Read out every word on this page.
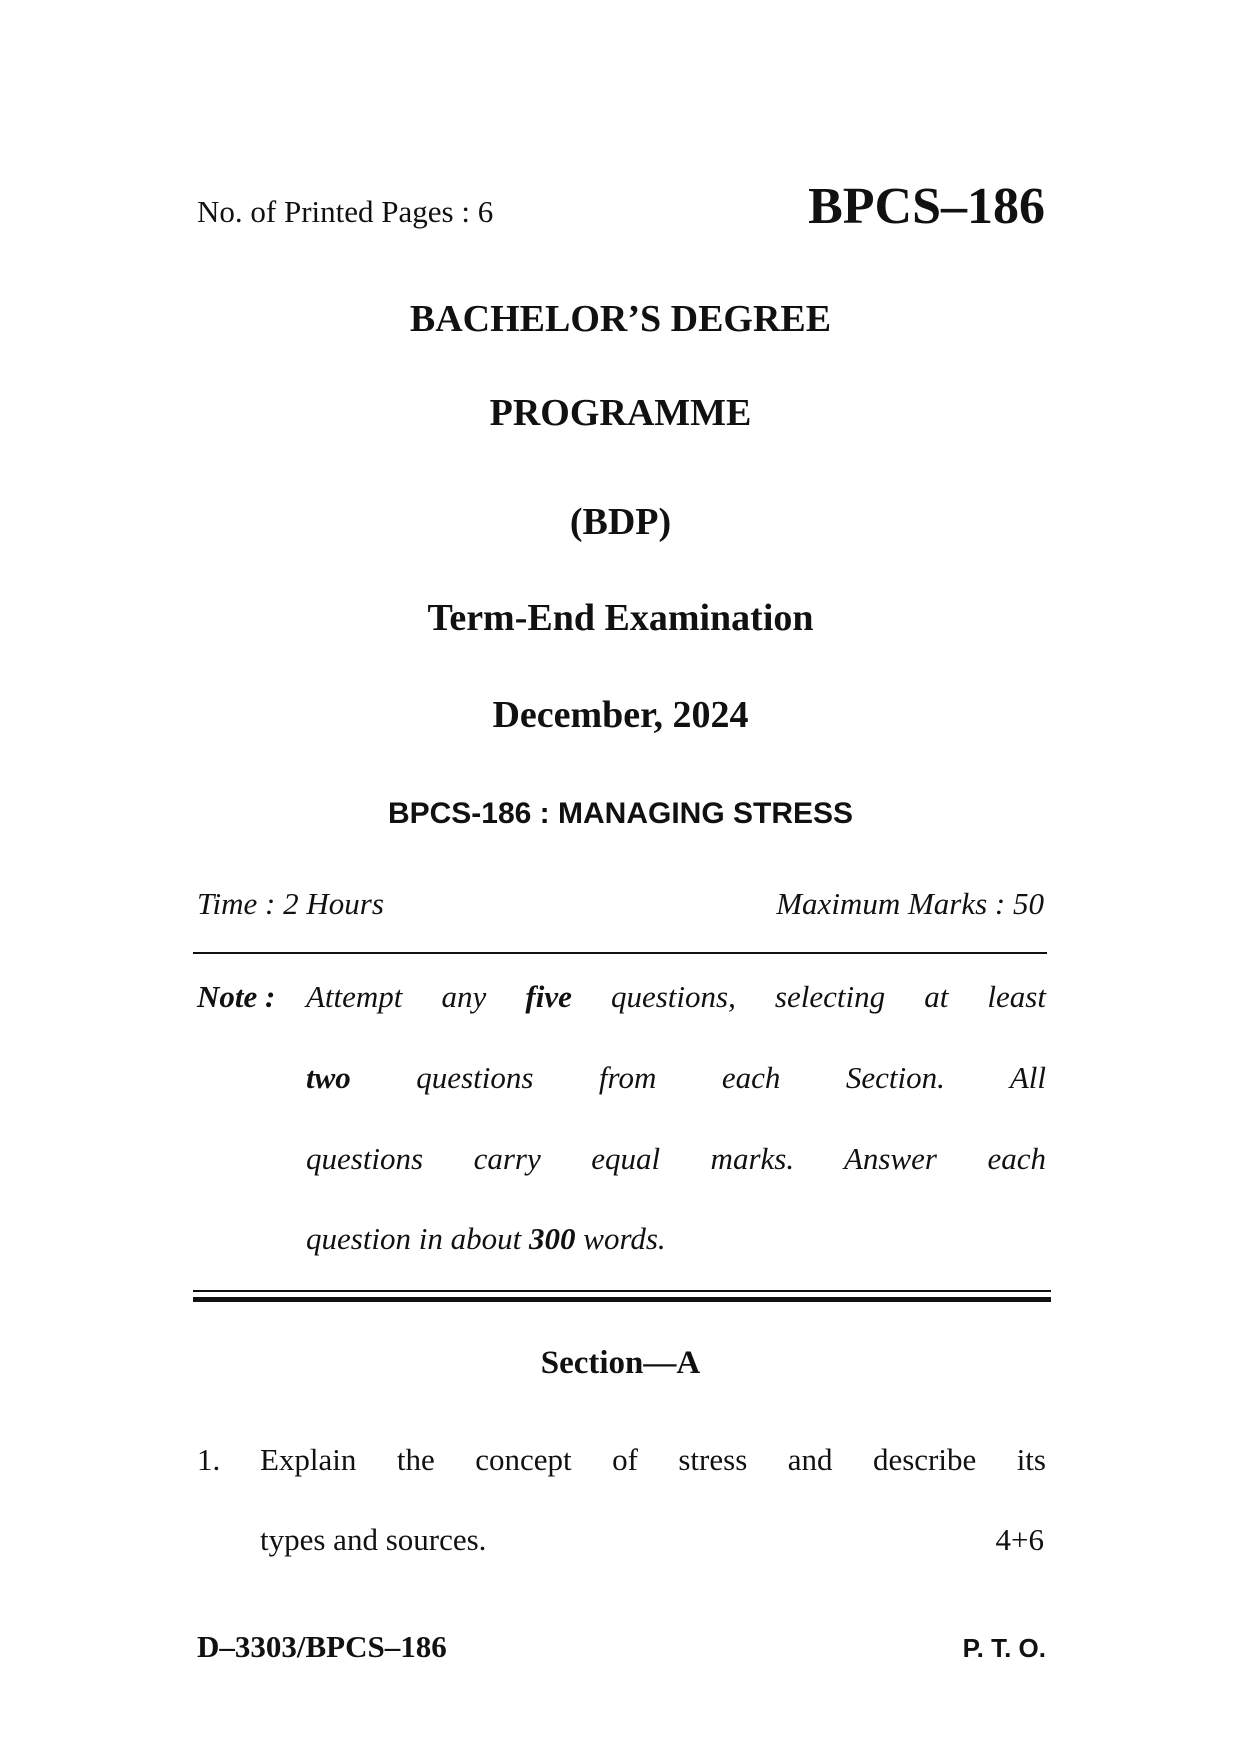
No. of Printed Pages : 6	BPCS–186
BACHELOR’S DEGREE
PROGRAMME
(BDP)
Term-End Examination
December, 2024
BPCS-186 : MANAGING STRESS
Time : 2 Hours	Maximum Marks : 50
Note : Attempt any five questions, selecting at least
two questions from each Section. All
questions carry equal marks. Answer each
question in about 300 words.
Section—A
1. Explain the concept of stress and describe its
types and sources.	4+6
D–3303/BPCS–186	P. T. O.
